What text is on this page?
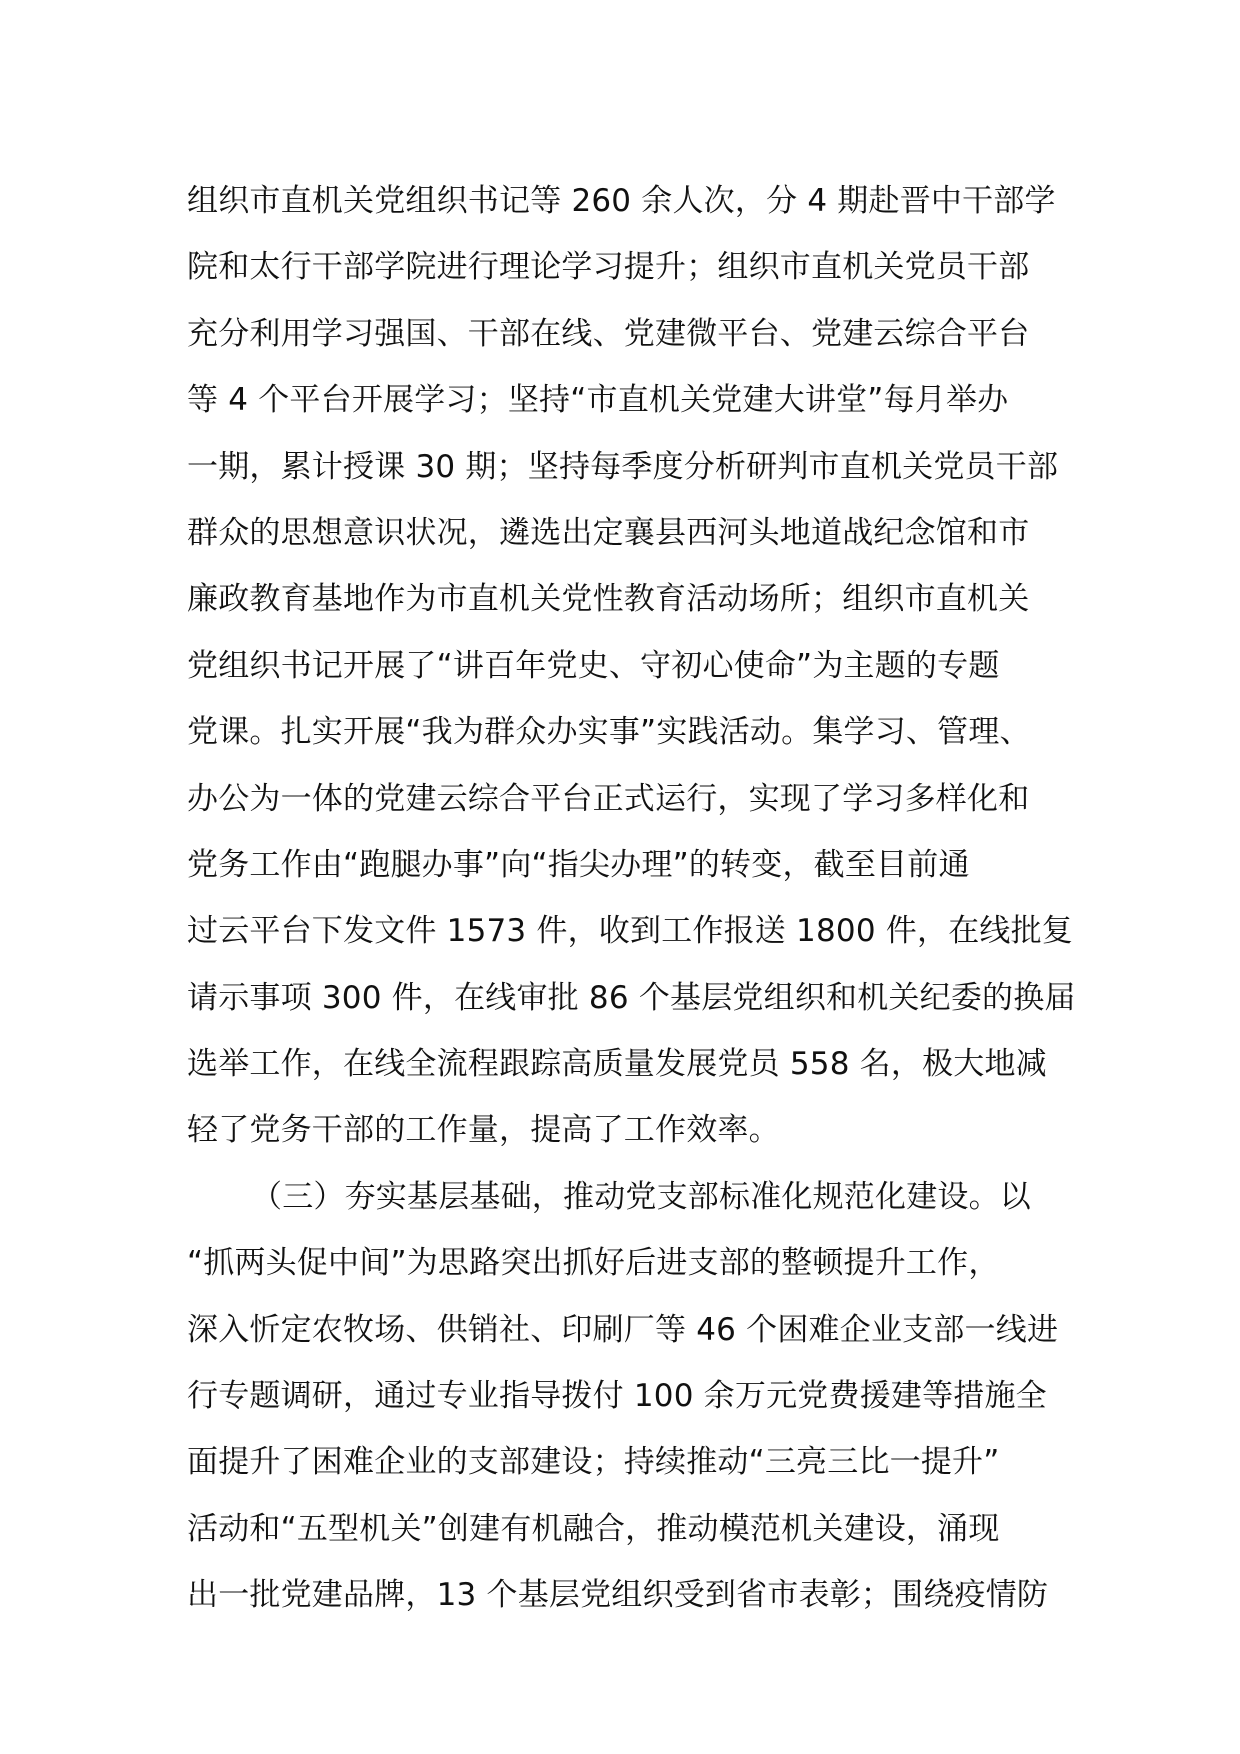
组织市直机关党组织书记等 260 余人次，分 4 期赴晋中干部学
院和太行干部学院进行理论学习提升；组织市直机关党员干部
充分利用学习强国、干部在线、党建微平台、党建云综合平台
等 4 个平台开展学习；坚持“市直机关党建大讲堂”每月举办
一期，累计授课 30 期；坚持每季度分析研判市直机关党员干部
群众的思想意识状况，遴选出定襄县西河头地道战纪念馆和市
廉政教育基地作为市直机关党性教育活动场所；组织市直机关
党组织书记开展了“讲百年党史、守初心使命”为主题的专题
党课。扎实开展“我为群众办实事”实践活动。集学习、管理、
办公为一体的党建云综合平台正式运行，实现了学习多样化和
党务工作由“跑腿办事”向“指尖办理”的转变，截至目前通
过云平台下发文件 1573 件，收到工作报送 1800 件，在线批复
请示事项 300 件，在线审批 86 个基层党组织和机关纪委的换届
选举工作，在线全流程跟踪高质量发展党员 558 名，极大地减
轻了党务干部的工作量，提高了工作效率。
（三）夯实基层基础，推动党支部标准化规范化建设。以
“抓两头促中间”为思路突出抓好后进支部的整顿提升工作，
深入忻定农牧场、供销社、印刷厂等 46 个困难企业支部一线进
行专题调研，通过专业指导拨付 100 余万元党费援建等措施全
面提升了困难企业的支部建设；持续推动“三亮三比一提升”
活动和“五型机关”创建有机融合，推动模范机关建设，涌现
出一批党建品牌，13 个基层党组织受到省市表彰；围绕疫情防
